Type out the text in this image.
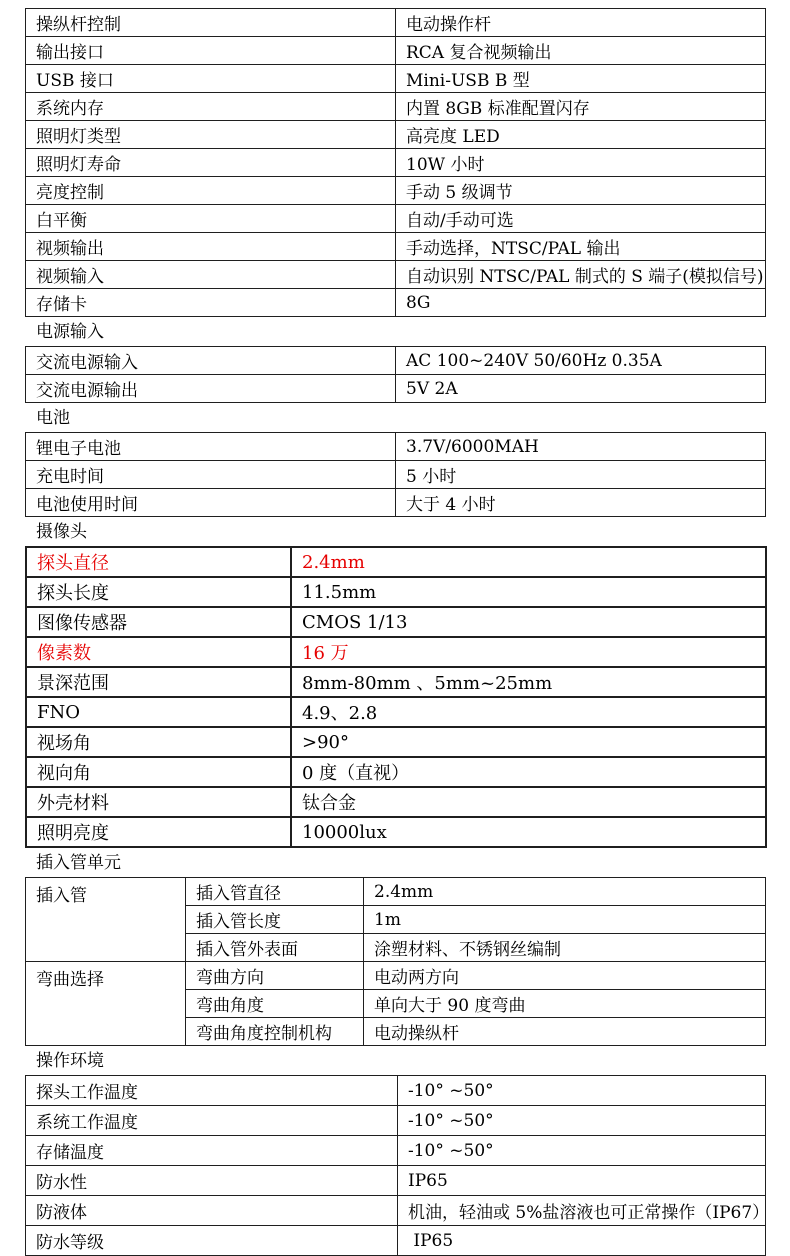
操纵杆控制	电动操作杆
输出接口	RCA 复合视频输出
USB 接口	Mini-USB B 型
系统内存	内置 8GB 标准配置闪存
照明灯类型	高亮度 LED
照明灯寿命	10W 小时
亮度控制	手动 5 级调节
白平衡	自动/手动可选
视频输出	手动选择，NTSC/PAL 输出
视频输入	自动识别 NTSC/PAL 制式的 S 端子(模拟信号)
存储卡	8G
电源输入
交流电源输入	AC 100~240V 50/60Hz 0.35A
交流电源输出	5V 2A
电池
锂电子电池	3.7V/6000MAH
充电时间	5 小时
电池使用时间	大于 4 小时
摄像头
探头直径	2.4mm
探头长度	11.5mm
图像传感器	CMOS 1/13
像素数	16 万
景深范围	8mm-80mm 、5mm~25mm
FNO	4.9、2.8
视场角	>90°
视向角	0 度（直视）
外壳材料	钛合金
照明亮度	10000lux
插入管单元
插入管	插入管直径	2.4mm
	插入管长度	1m
	插入管外表面	涂塑材料、不锈钢丝编制
弯曲选择	弯曲方向	电动两方向
	弯曲角度	单向大于 90 度弯曲
	弯曲角度控制机构	电动操纵杆
操作环境
探头工作温度	-10° ~50°
系统工作温度	-10° ~50°
存储温度	-10° ~50°
防水性	IP65
防液体	机油，轻油或 5%盐溶液也可正常操作（IP67）
防水等级	IP65
